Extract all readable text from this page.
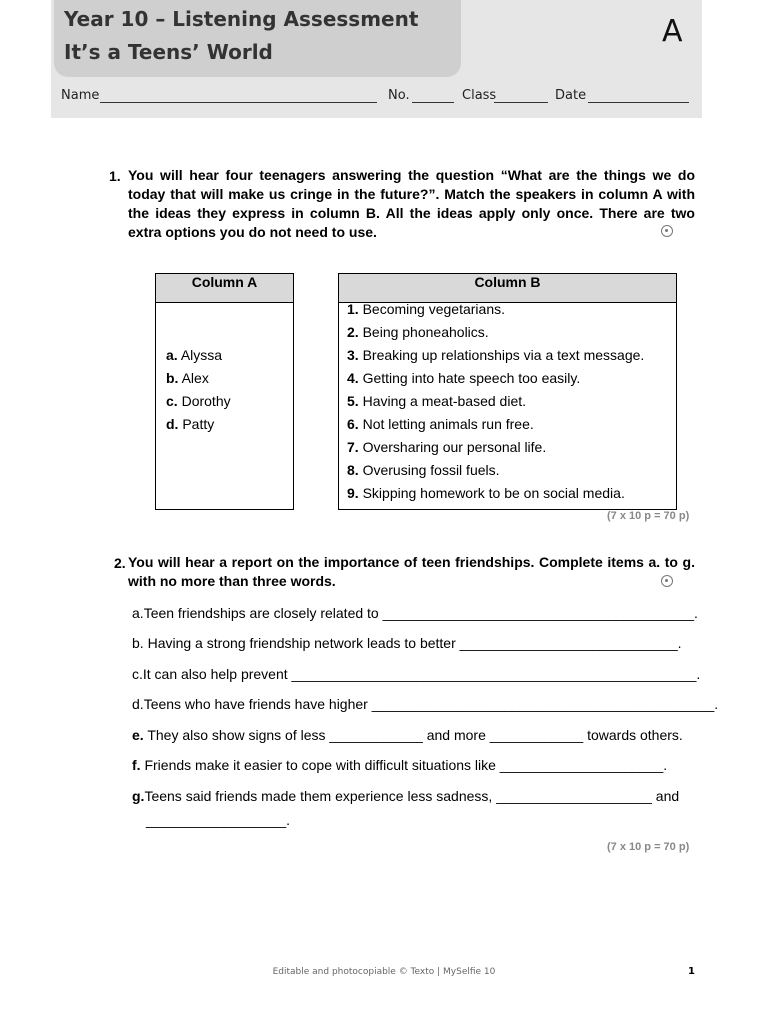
Year 10 – Listening Assessment
It’s a Teens’ World
A
Name	No.	Class	Date
1. You will hear four teenagers answering the question “What are the things we do today that will make us cringe in the future?”. Match the speakers in column A with the ideas they express in column B. All the ideas apply only once. There are two extra options you do not need to use.
Column A	Column B
a. Alyssa
b. Alex
c. Dorothy
d. Patty
1. Becoming vegetarians.
2. Being phoneaholics.
3. Breaking up relationships via a text message.
4. Getting into hate speech too easily.
5. Having a meat-based diet.
6. Not letting animals run free.
7. Oversharing our personal life.
8. Overusing fossil fuels.
9. Skipping homework to be on social media.
(7 x 10 p = 70 p)
2. You will hear a report on the importance of teen friendships. Complete items a. to g. with no more than three words.
a.Teen friendships are closely related to ________________________________________.
b. Having a strong friendship network leads to better ____________________________.
c.It can also help prevent ____________________________________________________.
d.Teens who have friends have higher ____________________________________________.
e. They also show signs of less ____________ and more ____________ towards others.
f. Friends make it easier to cope with difficult situations like _____________________.
g.Teens said friends made them experience less sadness, ____________________ and
__________________.
(7 x 10 p = 70 p)
Editable and photocopiable © Texto | MySelfie 10	1
